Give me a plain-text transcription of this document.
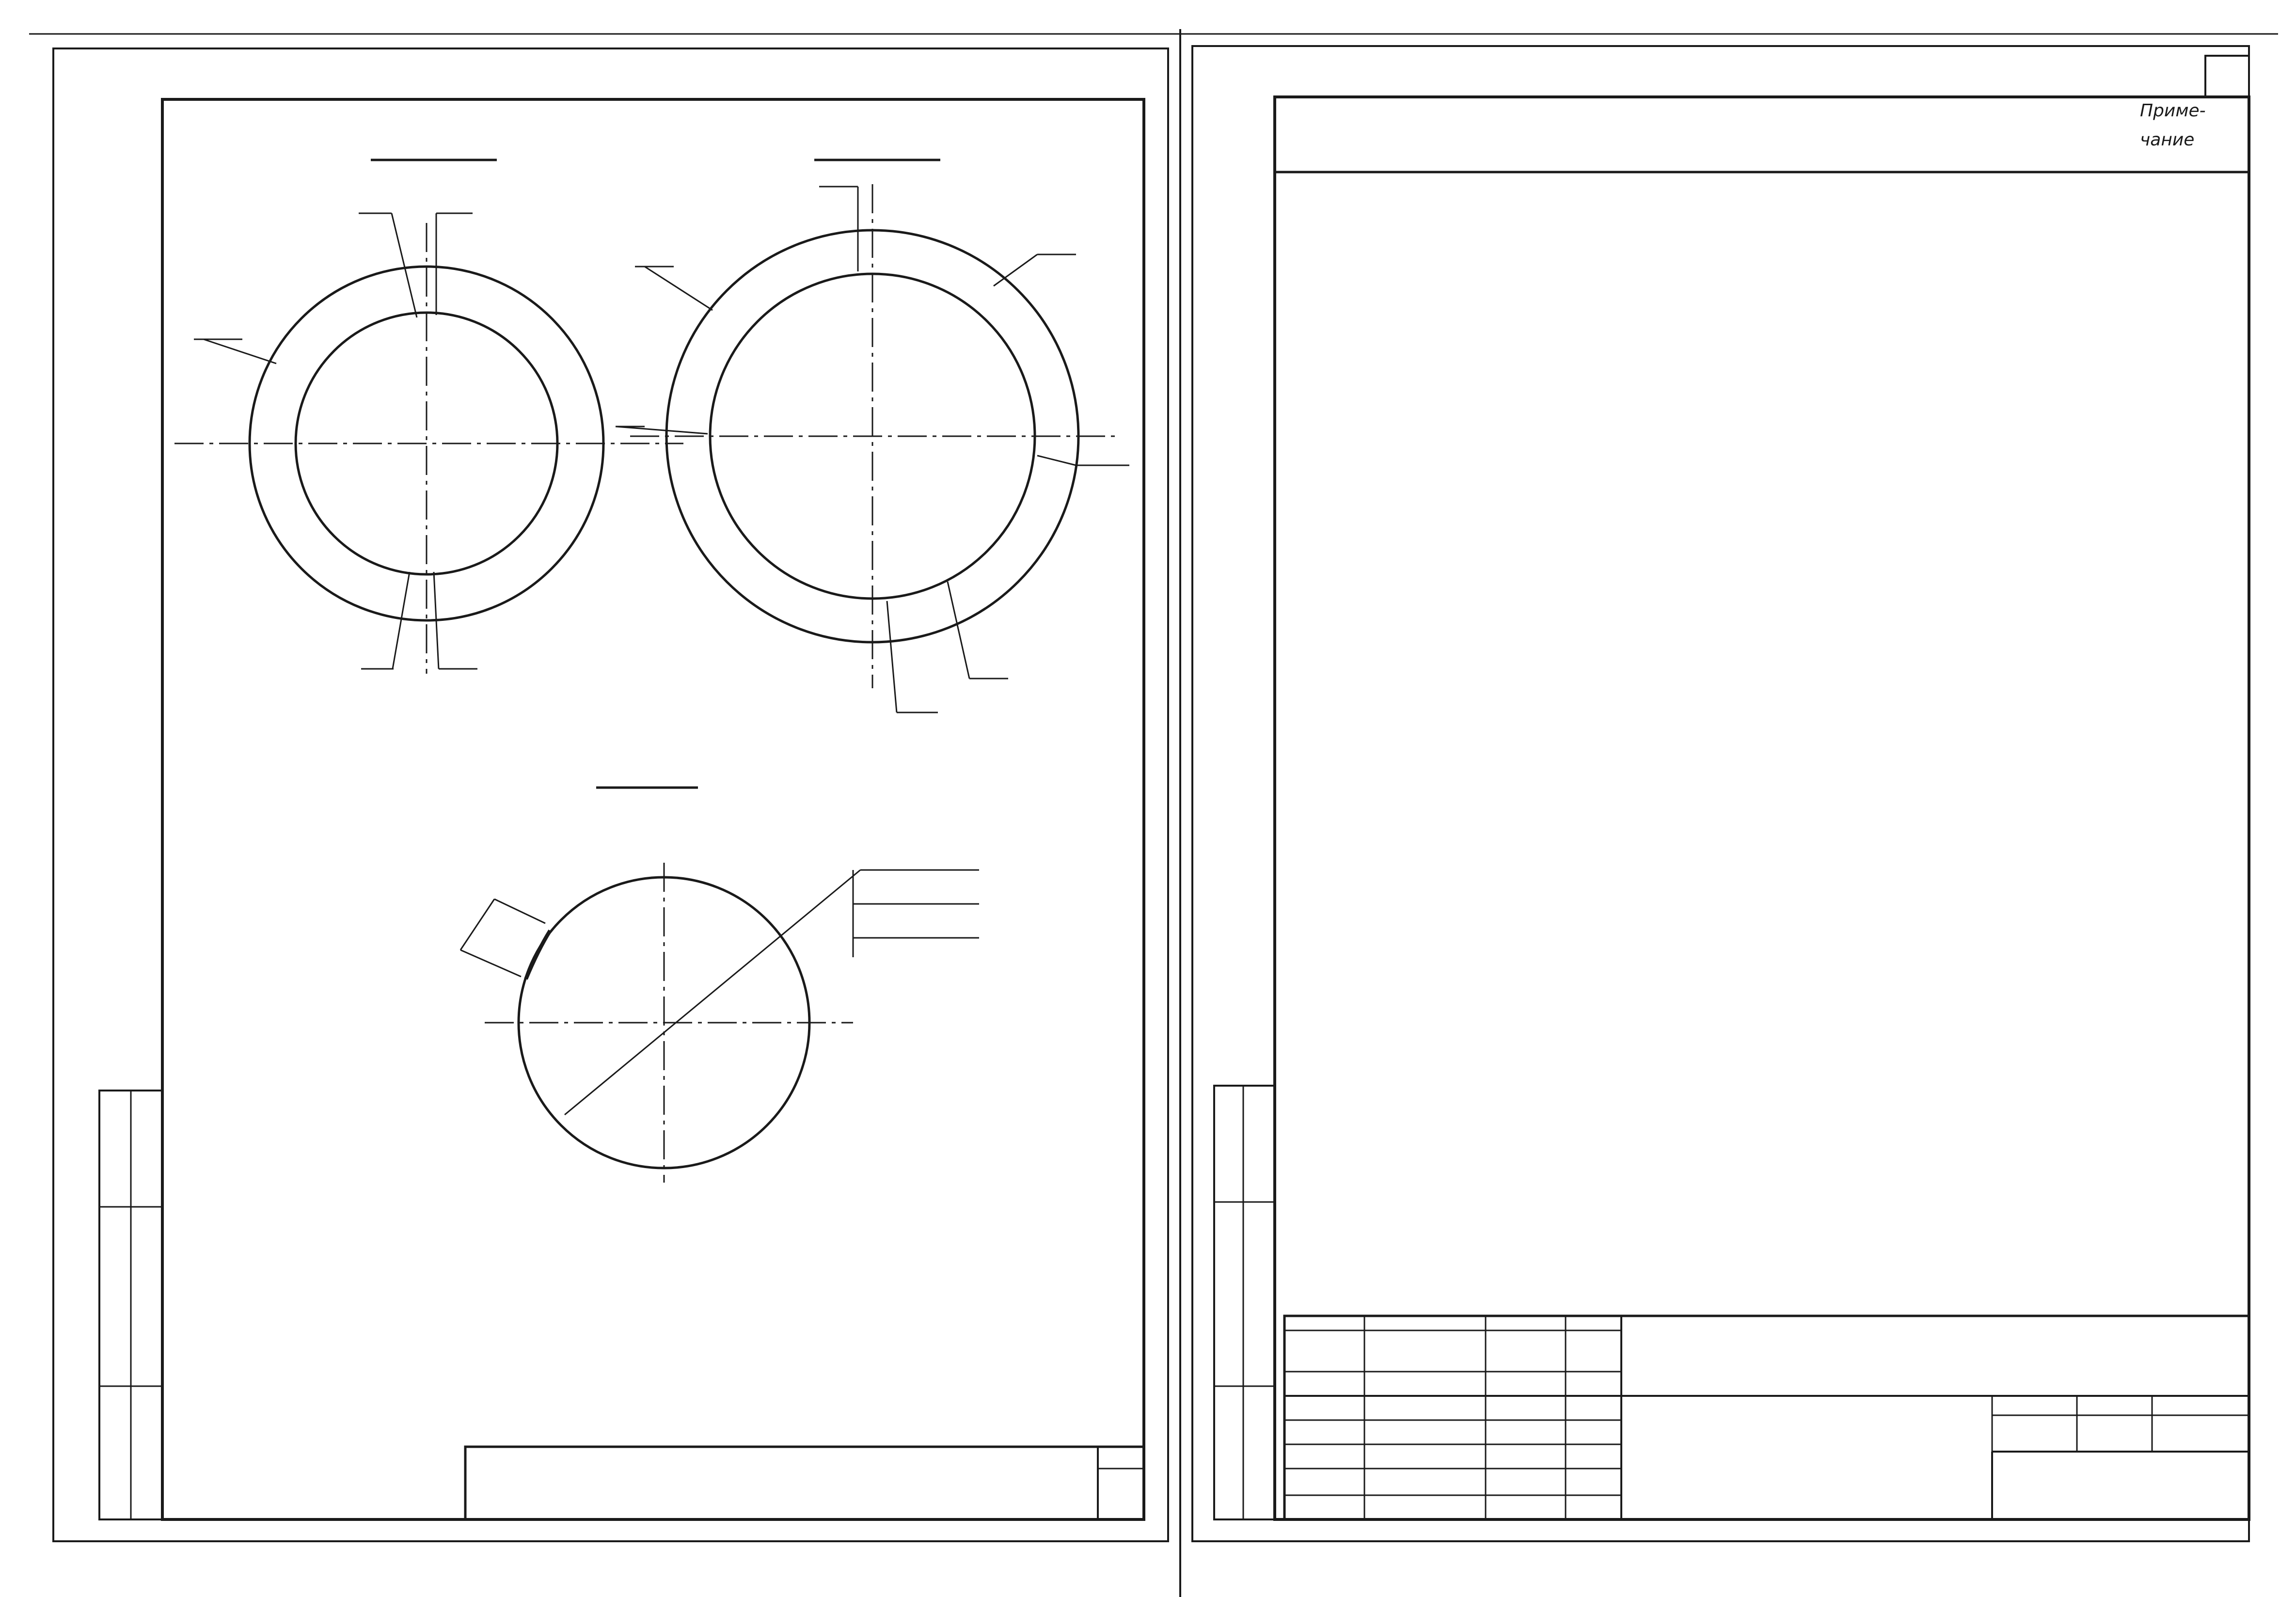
Приме-
чание
